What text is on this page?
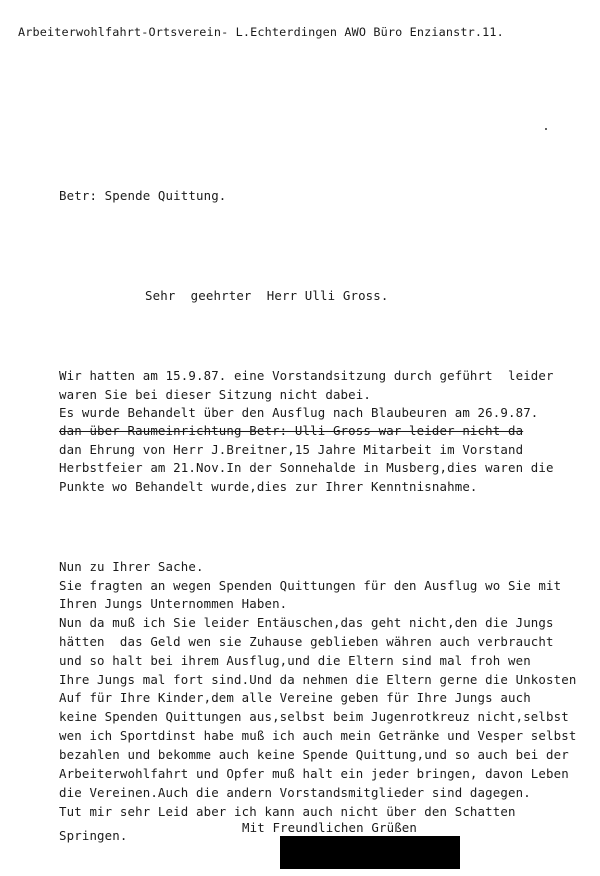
Arbeiterwohlfahrt-Ortsverein- L.Echterdingen AWO Büro Enzianstr.11.

Betr: Spende Quittung.

Sehr  geehrter  Herr Ulli Gross.

Wir hatten am 15.9.87. eine Vorstandsitzung durch geführt  leider

waren Sie bei dieser Sitzung nicht dabei.

Es wurde Behandelt über den Ausflug nach Blaubeuren am 26.9.87.

dan über Raumeinrichtung Betr: Ulli Gross war leider nicht da

dan Ehrung von Herr J.Breitner,15 Jahre Mitarbeit im Vorstand

Herbstfeier am 21.Nov.In der Sonnehalde in Musberg,dies waren die

Punkte wo Behandelt wurde,dies zur Ihrer Kenntnisnahme.

Nun zu Ihrer Sache.

Sie fragten an wegen Spenden Quittungen für den Ausflug wo Sie mit

Ihren Jungs Unternommen Haben.

Nun da muß ich Sie leider Entäuschen,das geht nicht,den die Jungs

hätten  das Geld wen sie Zuhause geblieben währen auch verbraucht

und so halt bei ihrem Ausflug,und die Eltern sind mal froh wen

Ihre Jungs mal fort sind.Und da nehmen die Eltern gerne die Unkosten

Auf für Ihre Kinder,dem alle Vereine geben für Ihre Jungs auch

keine Spenden Quittungen aus,selbst beim Jugenrotkreuz nicht,selbst

wen ich Sportdinst habe muß ich auch mein Getränke und Vesper selbst

bezahlen und bekomme auch keine Spende Quittung,und so auch bei der

Arbeiterwohlfahrt und Opfer muß halt ein jeder bringen, davon Leben

die Vereinen.Auch die andern Vorstandsmitglieder sind dagegen.

Tut mir sehr Leid aber ich kann auch nicht über den Schatten

Springen.

Mit Freundlichen Grüßen
